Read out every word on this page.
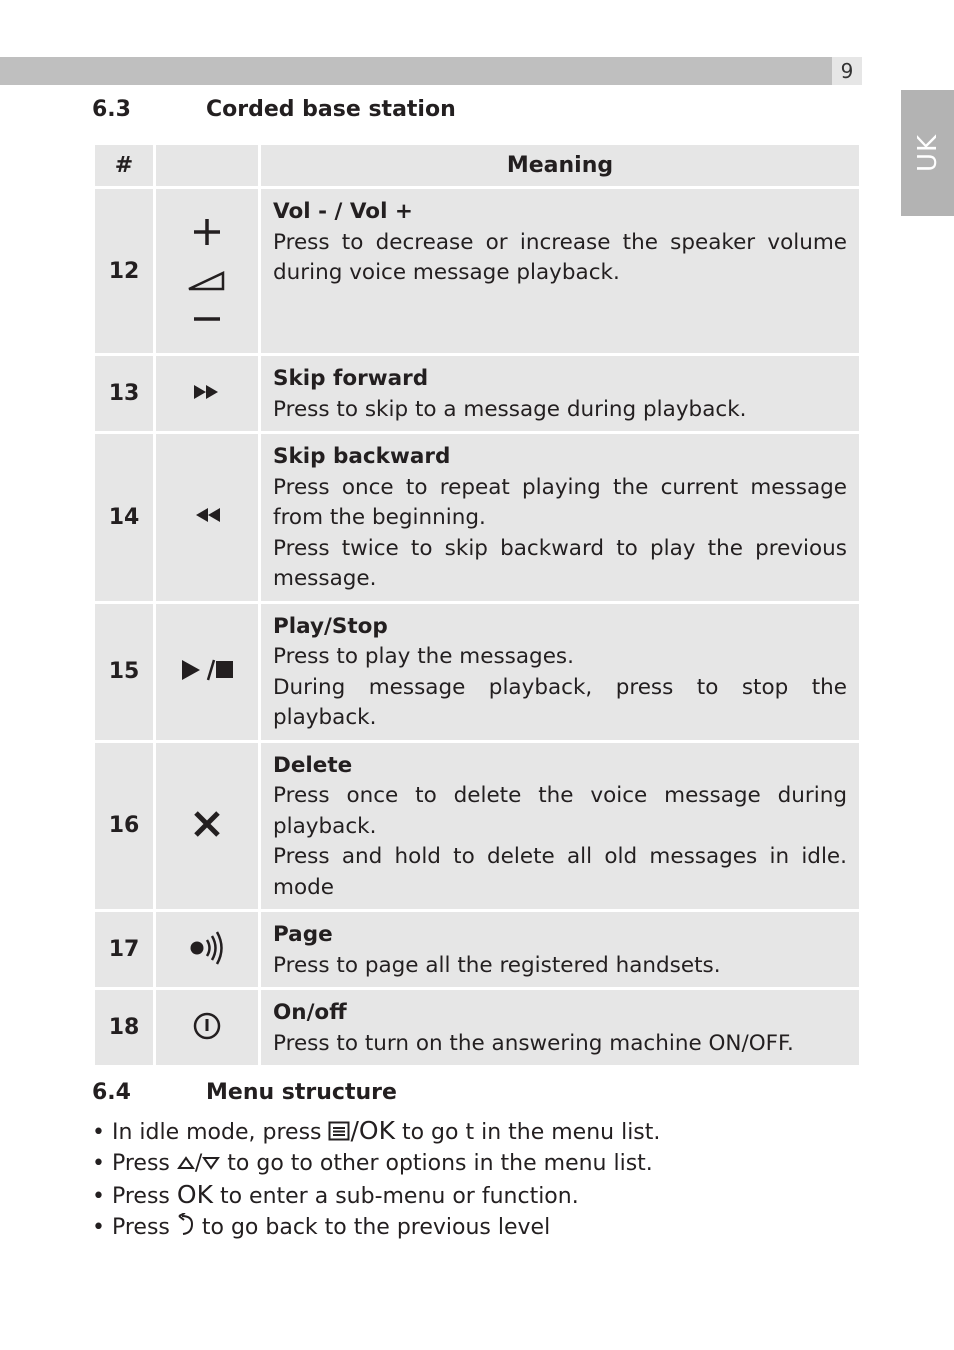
9
UK
6.3	Corded base station
#		Meaning
12		Vol - / Vol +
Press to decrease or increase the speaker volume during voice message playback.

13		Skip forward
Press to skip to a message during playback.

14		Skip backward
Press once to repeat playing the current message from the beginning.
Press twice to skip backward to play the previous message.

15		Play/Stop
Press to play the messages.
During message playback, press to stop the playback.

16		Delete
Press once to delete the voice message during playback.
Press and hold to delete all old messages in idle. mode

17		Page
Press to page all the registered handsets.

18		On/off
Press to turn on the answering machine ON/OFF.
6.4	Menu structure
• In idle mode, press /OK to go t in the menu list.
• Press / to go to other options in the menu list.
• Press OK to enter a sub-menu or function.
• Press  to go back to the previous level
